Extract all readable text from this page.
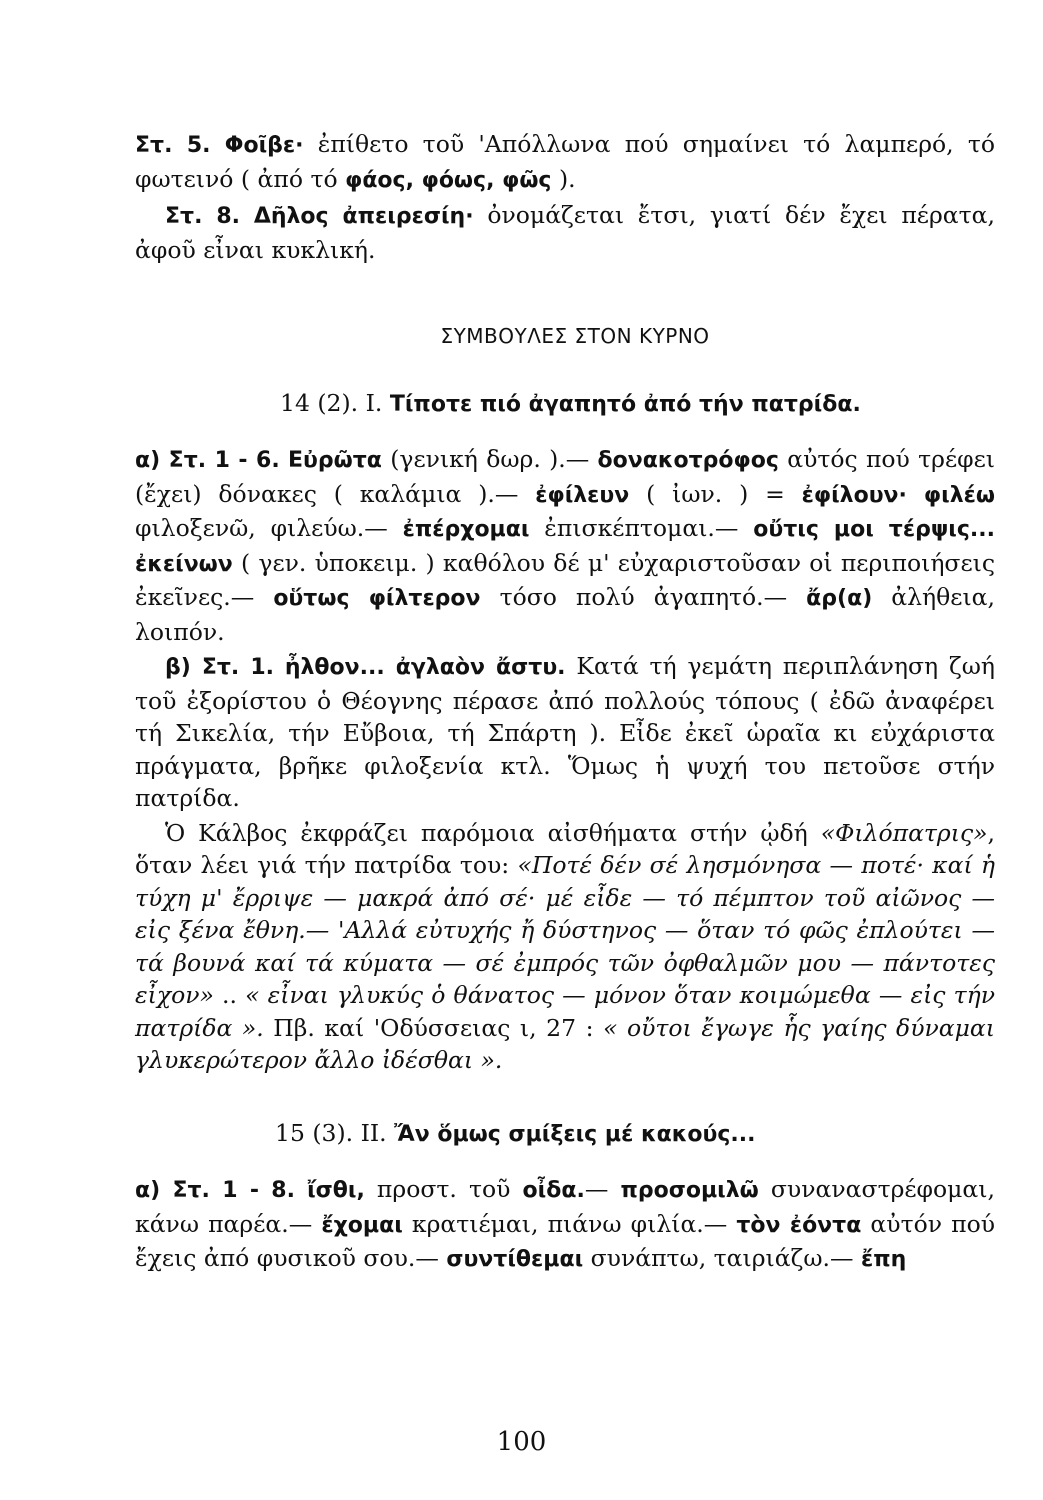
Στ. 5. Φοῖβε· ἐπίθετο τοῦ 'Απόλλωνα πού σημαίνει τό λαμπερό, τό φωτεινό ( ἀπό τό φάος, φόως, φῶς ).

Στ. 8. Δῆλος ἀπειρεσίη· ὀνομάζεται ἔτσι, γιατί δέν ἔχει πέρατα, ἀφοῦ εἶναι κυκλική.

ΣΥΜΒΟΥΛΕΣ ΣΤΟΝ ΚΥΡΝΟ

14 (2). I. Τίποτε πιό ἀγαπητό ἀπό τήν πατρίδα.

α) Στ. 1 - 6. Εὐρῶτα (γενική δωρ. ).— δονακοτρόφος αὐτός πού τρέφει (ἔχει) δόνακες ( καλάμια ).— ἐφίλευν ( ἰων. ) = ἐφίλουν· φιλέω φιλοξενῶ, φιλεύω.— ἐπέρχομαι ἐπισκέπτομαι.— οὔτις μοι τέρψις... ἐκείνων ( γεν. ὑποκειμ. ) καθόλου δέ μ' εὐχαριστοῦσαν οἱ περιποιήσεις ἐκεῖνες.— οὕτως φίλτερον τόσο πολύ ἀγαπητό.— ἄρ(α) ἀλήθεια, λοιπόν.

β) Στ. 1. ἦλθον... ἀγλαὸν ἄστυ. Κατά τή γεμάτη περιπλάνηση ζωή τοῦ ἐξορίστου ὁ Θέογνης πέρασε ἀπό πολλούς τόπους ( ἐδῶ ἀναφέρει τή Σικελία, τήν Εὔβοια, τή Σπάρτη ). Εἶδε ἐκεῖ ὡραῖα κι εὐχάριστα πράγματα, βρῆκε φιλοξενία κτλ. Ὅμως ἡ ψυχή του πετοῦσε στήν πατρίδα.

Ὁ Κάλβος ἐκφράζει παρόμοια αἰσθήματα στήν ᾠδή «Φιλόπατρις», ὅταν λέει γιά τήν πατρίδα του: «Ποτέ δέν σέ λησμόνησα — ποτέ· καί ἡ τύχη μ' ἔρριψε — μακρά ἀπό σέ· μέ εἶδε — τό πέμπτον τοῦ αἰῶνος — εἰς ξένα ἔθνη.— 'Αλλά εὐτυχής ἤ δύστηνος — ὅταν τό φῶς ἐπλούτει — τά βουνά καί τά κύματα — σέ ἐμπρός τῶν ὀφθαλμῶν μου — πάντοτες εἶχον» .. « εἶναι γλυκύς ὁ θάνατος — μόνον ὅταν κοιμώμεθα — εἰς τήν πατρίδα ». Πβ. καί 'Οδύσσειας ι, 27 : « οὔτοι ἔγωγε ἧς γαίης δύναμαι γλυκερώτερον ἄλλο ἰδέσθαι ».

15 (3). II. Ἄν ὅμως σμίξεις μέ κακούς...

α) Στ. 1 - 8. ἴσθι, προστ. τοῦ οἶδα.— προσομιλῶ συναναστρέφομαι, κάνω παρέα.— ἔχομαι κρατιέμαι, πιάνω φιλία.— τὸν ἐόντα αὐτόν πού ἔχεις ἀπό φυσικοῦ σου.— συντίθεμαι συνάπτω, ταιριάζω.— ἔπη

100
